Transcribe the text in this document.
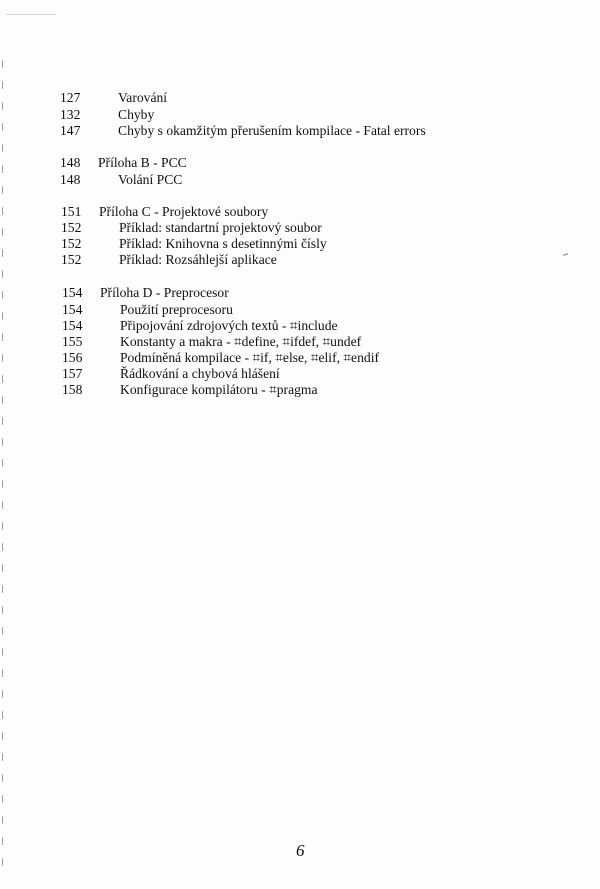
127	Varování
132	Chyby
147	Chyby s okamžitým přerušením kompilace - Fatal errors
148	Příloha B - PCC
148	Volání PCC
151	Příloha C - Projektové soubory
152	Příklad: standartní projektový soubor
152	Příklad: Knihovna s desetinnými čísly
152	Příklad: Rozsáhlejší aplikace
154	Příloha D - Preprocesor
154	Použití preprocesoru
154	Připojování zdrojových textů - ⌗include
155	Konstanty a makra - ⌗define, ⌗ifdef, ⌗undef
156	Podmíněná kompilace - ⌗if, ⌗else, ⌗elif, ⌗endif
157	Řádkování a chybová hlášení
158	Konfigurace kompilátoru - ⌗pragma
6
